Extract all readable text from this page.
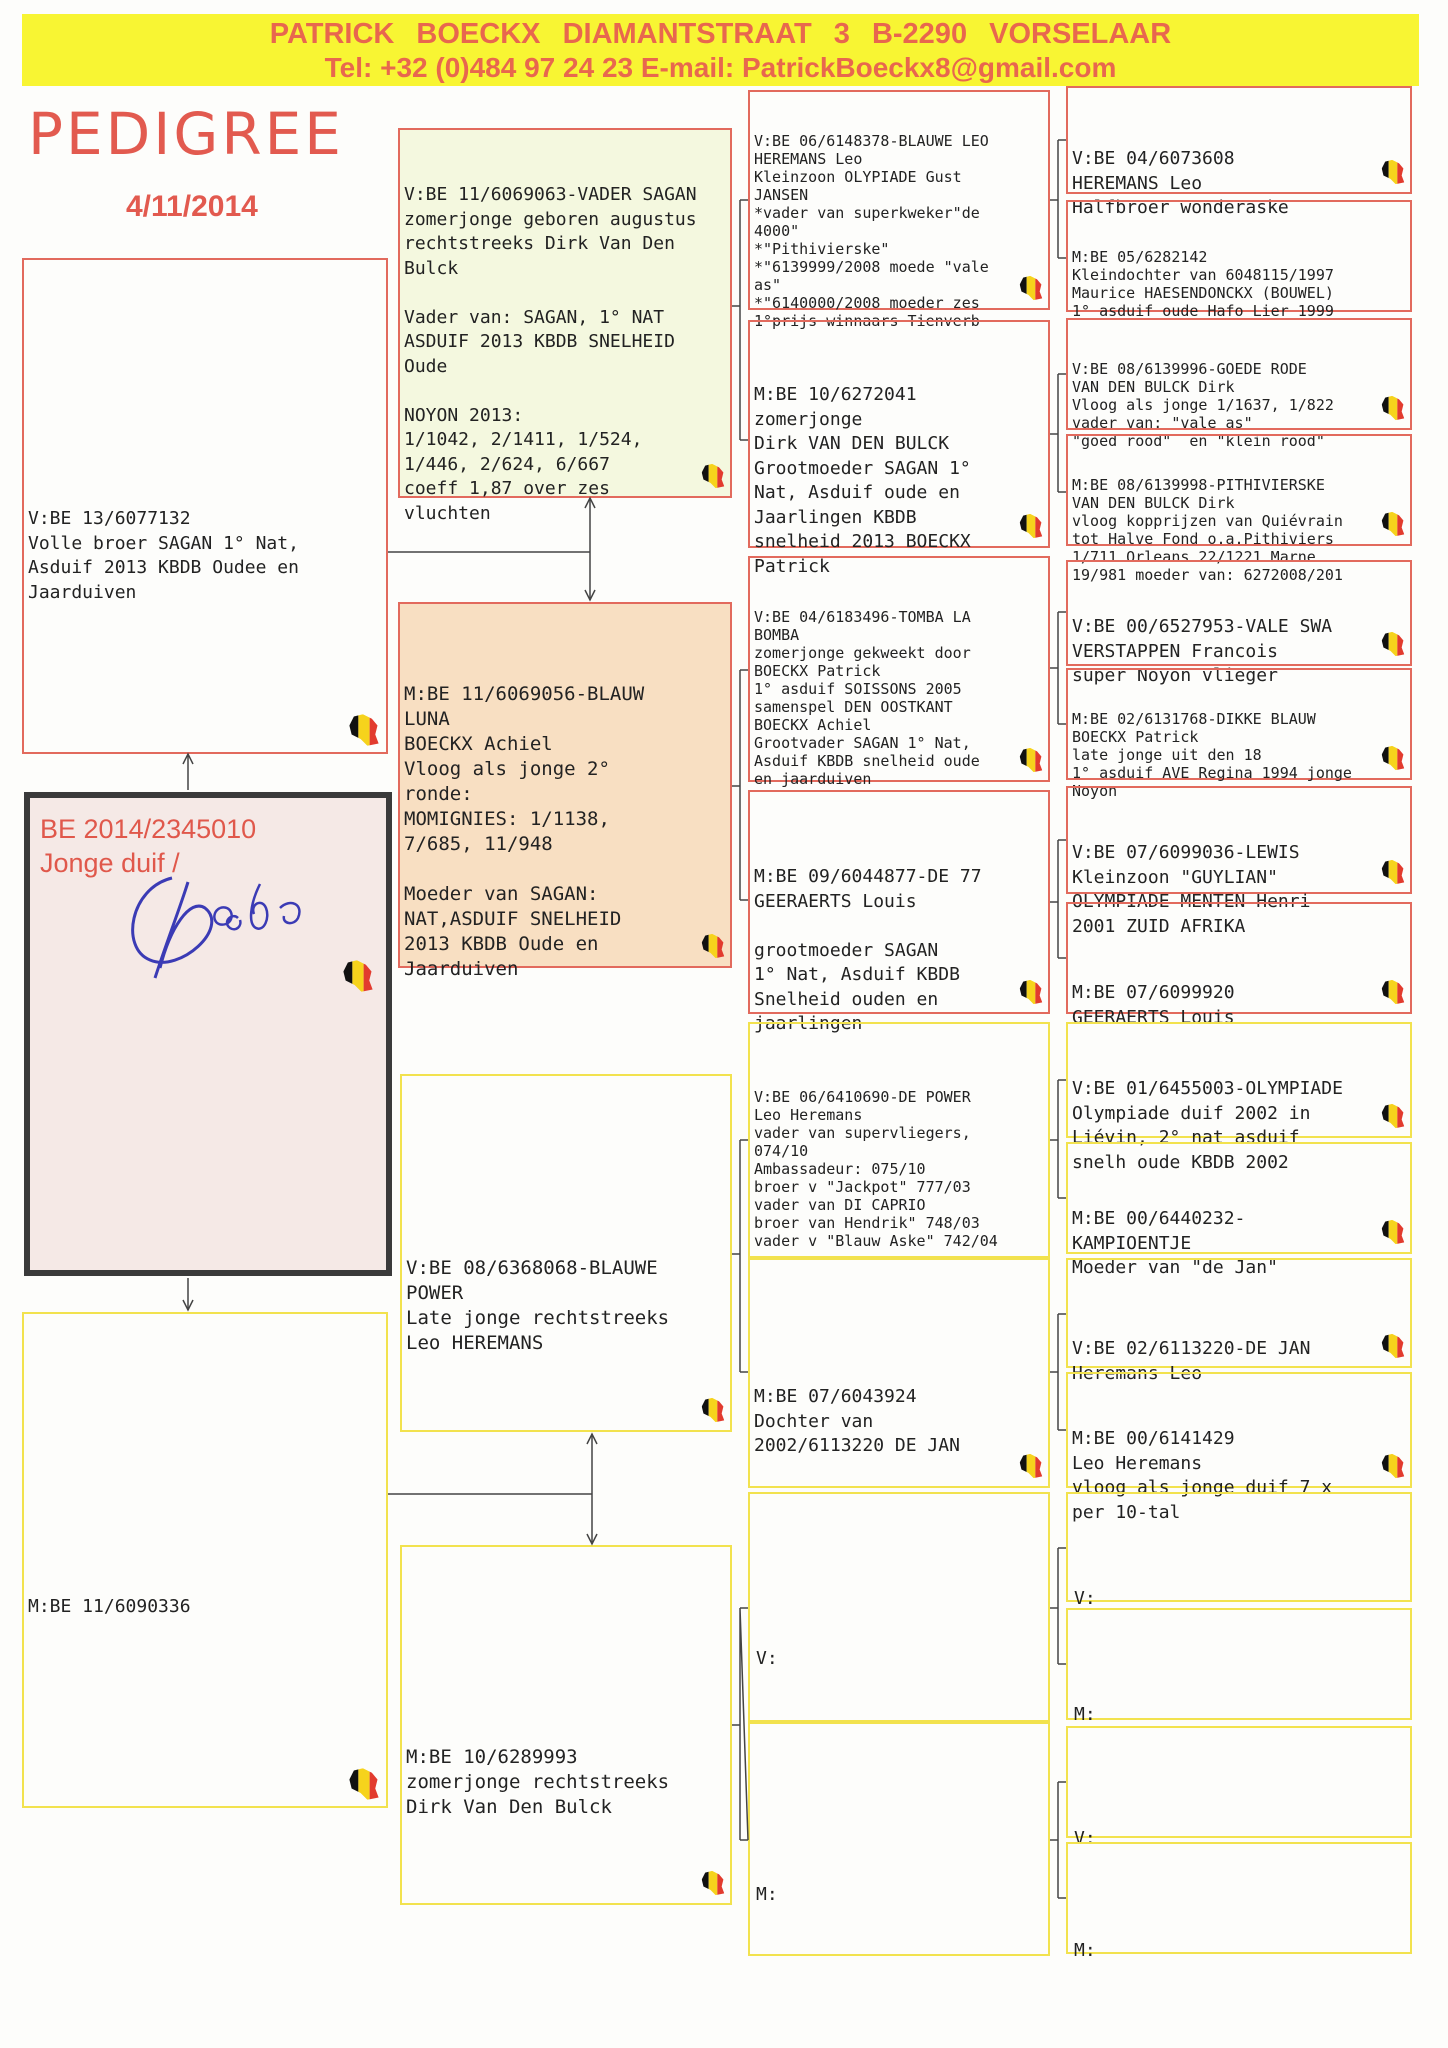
PATRICK BOECKX DIAMANTSTRAAT 3 B-2290 VORSELAAR
Tel: +32 (0)484 97 24 23 E-mail: PatrickBoeckx8@gmail.com
PEDIGREE
4/11/2014

V:BE 13/6077132
Volle broer SAGAN 1° Nat,
Asduif 2013 KBDB Oudee en
Jaarduiven

BE 2014/2345010
Jonge duif /

M:BE 11/6090336

V:BE 11/6069063-VADER SAGAN
zomerjonge geboren augustus
rechtstreeks Dirk Van Den
Bulck

Vader van: SAGAN, 1° NAT
ASDUIF 2013 KBDB SNELHEID
Oude

NOYON 2013:
1/1042, 2/1411, 1/524,
1/446, 2/624, 6/667
coeff 1,87 over zes
vluchten

M:BE 11/6069056-BLAUW
LUNA
BOECKX Achiel
Vloog als jonge 2°
ronde:
MOMIGNIES: 1/1138,
7/685, 11/948

Moeder van SAGAN:
NAT,ASDUIF SNELHEID
2013 KBDB Oude en
Jaarduiven

V:BE 08/6368068-BLAUWE
POWER
Late jonge rechtstreeks
Leo HEREMANS

M:BE 10/6289993
zomerjonge rechtstreeks
Dirk Van Den Bulck

V:BE 06/6148378-BLAUWE LEO
HEREMANS Leo
Kleinzoon OLYPIADE Gust
JANSEN
*vader van superkweker"de
4000"
*"Pithivierske"
*"6139999/2008 moede "vale
as"
*"6140000/2008 moeder zes
1°prijs winnaars Tienverb

M:BE 10/6272041
zomerjonge
Dirk VAN DEN BULCK
Grootmoeder SAGAN 1°
Nat, Asduif oude en
Jaarlingen KBDB
snelheid 2013 BOECKX
Patrick

V:BE 04/6183496-TOMBA LA
BOMBA
zomerjonge gekweekt door
BOECKX Patrick
1° asduif SOISSONS 2005
samenspel DEN OOSTKANT
BOECKX Achiel
Grootvader SAGAN 1° Nat,
Asduif KBDB snelheid oude
en jaarduiven

M:BE 09/6044877-DE 77
GEERAERTS Louis

grootmoeder SAGAN
1° Nat, Asduif KBDB
Snelheid ouden en
jaarlingen

V:BE 06/6410690-DE POWER
Leo Heremans
vader van supervliegers,
074/10
Ambassadeur: 075/10
broer v "Jackpot" 777/03
vader van DI CAPRIO
broer van Hendrik" 748/03
vader v "Blauw Aske" 742/04

M:BE 07/6043924
Dochter van
2002/6113220 DE JAN

V:

M:

V:BE 04/6073608
HEREMANS Leo
Halfbroer wonderaske

M:BE 05/6282142
Kleindochter van 6048115/1997
Maurice HAESENDONCKX (BOUWEL)
1° asduif oude Hafo Lier 1999

V:BE 08/6139996-GOEDE RODE
VAN DEN BULCK Dirk
Vloog als jonge 1/1637, 1/822
vader van: "vale as"
"goed rood"  en "klein rood"

M:BE 08/6139998-PITHIVIERSKE
VAN DEN BULCK Dirk
vloog kopprijzen van Quiévrain
tot Halve Fond o.a.Pithiviers
1/711 Orleans 22/1221 Marne
19/981 moeder van: 6272008/201

V:BE 00/6527953-VALE SWA
VERSTAPPEN Francois
super Noyon vlieger

M:BE 02/6131768-DIKKE BLAUW
BOECKX Patrick
late jonge uit den 18
1° asduif AVE Regina 1994 jonge
Noyon

V:BE 07/6099036-LEWIS
Kleinzoon "GUYLIAN"
OLYMPIADE MENTEN Henri
2001 ZUID AFRIKA

M:BE 07/6099920
GEERAERTS Louis

V:BE 01/6455003-OLYMPIADE
Olympiade duif 2002 in
Liévin, 2° nat asduif
snelh oude KBDB 2002

M:BE 00/6440232-
KAMPIOENTJE
Moeder van "de Jan"

V:BE 02/6113220-DE JAN
Heremans Leo

M:BE 00/6141429
Leo Heremans
vloog als jonge duif 7 x
per 10-tal

V:

M:

V:

M:
